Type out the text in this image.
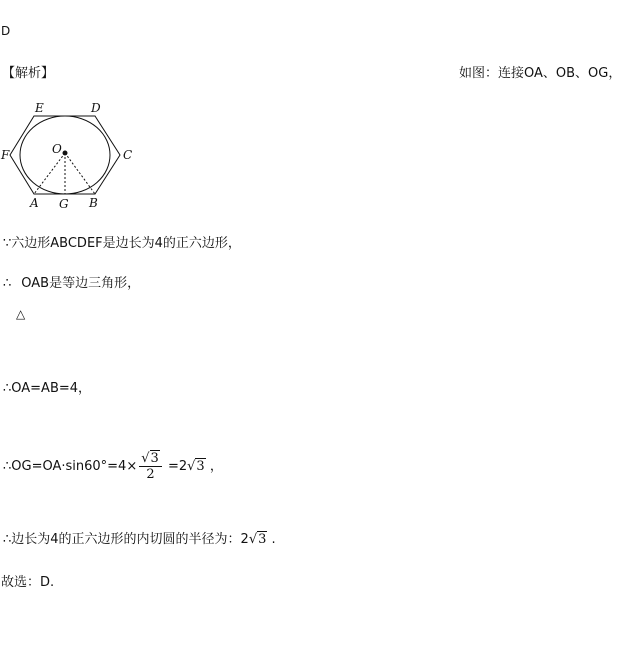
D
【解析】	如图：连接OA、OB、OG，
E	D
F	C
O
A G B
∵六边形ABCDEF是边长为4的正六边形，
∴ OAB是等边三角形，
△
∴OA=AB=4，
∴OG=OA·sin60°=4× $\frac{√3}{2} =2√3$ ，
∴边长为4的正六边形的内切圆的半径为：2√3 .
故选：D.
